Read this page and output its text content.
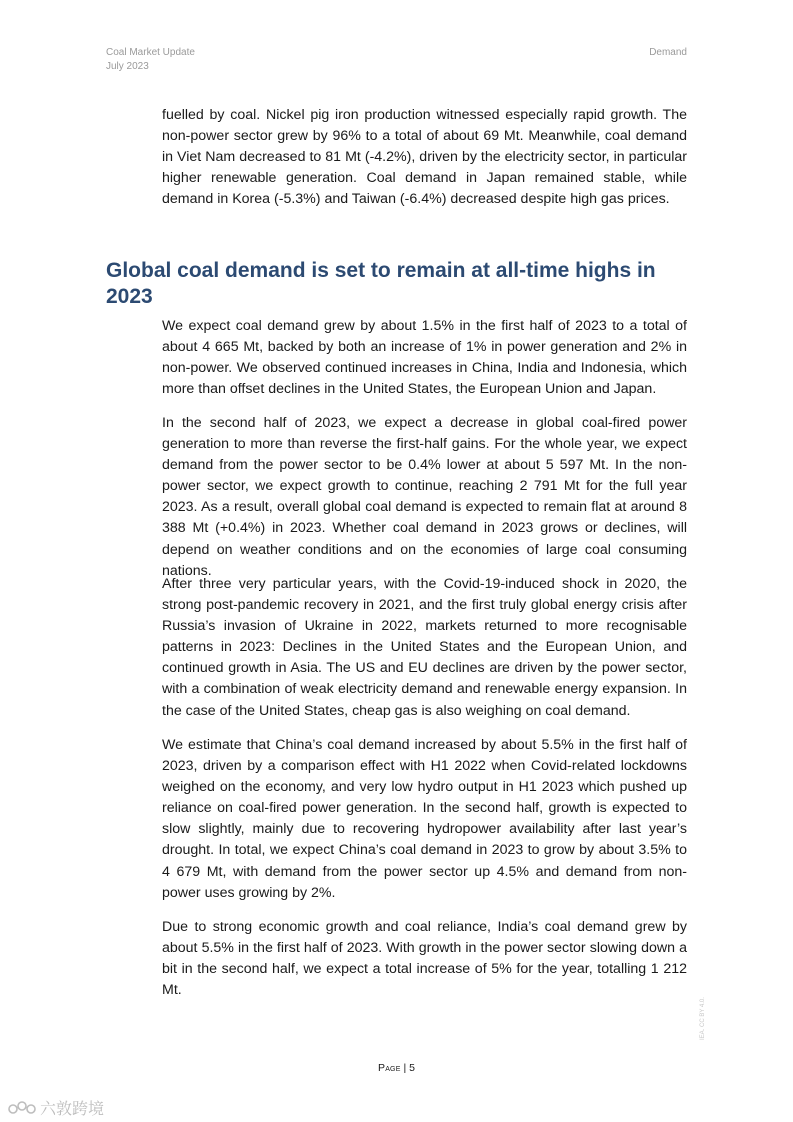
Coal Market Update
July 2023
Demand

fuelled by coal. Nickel pig iron production witnessed especially rapid growth. The non-power sector grew by 96% to a total of about 69 Mt. Meanwhile, coal demand in Viet Nam decreased to 81 Mt (-4.2%), driven by the electricity sector, in particular higher renewable generation. Coal demand in Japan remained stable, while demand in Korea (-5.3%) and Taiwan (-6.4%) decreased despite high gas prices.

Global coal demand is set to remain at all-time highs in 2023

We expect coal demand grew by about 1.5% in the first half of 2023 to a total of about 4 665 Mt, backed by both an increase of 1% in power generation and 2% in non-power. We observed continued increases in China, India and Indonesia, which more than offset declines in the United States, the European Union and Japan.

In the second half of 2023, we expect a decrease in global coal-fired power generation to more than reverse the first-half gains. For the whole year, we expect demand from the power sector to be 0.4% lower at about 5 597 Mt. In the non-power sector, we expect growth to continue, reaching 2 791 Mt for the full year 2023. As a result, overall global coal demand is expected to remain flat at around 8 388 Mt (+0.4%) in 2023. Whether coal demand in 2023 grows or declines, will depend on weather conditions and on the economies of large coal consuming nations.

After three very particular years, with the Covid-19-induced shock in 2020, the strong post-pandemic recovery in 2021, and the first truly global energy crisis after Russia’s invasion of Ukraine in 2022, markets returned to more recognisable patterns in 2023: Declines in the United States and the European Union, and continued growth in Asia. The US and EU declines are driven by the power sector, with a combination of weak electricity demand and renewable energy expansion. In the case of the United States, cheap gas is also weighing on coal demand.

We estimate that China’s coal demand increased by about 5.5% in the first half of 2023, driven by a comparison effect with H1 2022 when Covid-related lockdowns weighed on the economy, and very low hydro output in H1 2023 which pushed up reliance on coal-fired power generation. In the second half, growth is expected to slow slightly, mainly due to recovering hydropower availability after last year’s drought. In total, we expect China’s coal demand in 2023 to grow by about 3.5% to 4 679 Mt, with demand from the power sector up 4.5% and demand from non-power uses growing by 2%.

Due to strong economic growth and coal reliance, India’s coal demand grew by about 5.5% in the first half of 2023. With growth in the power sector slowing down a bit in the second half, we expect a total increase of 5% for the year, totalling 1 212 Mt.

Page | 5
IEA. CC BY 4.0.
六敦跨境
